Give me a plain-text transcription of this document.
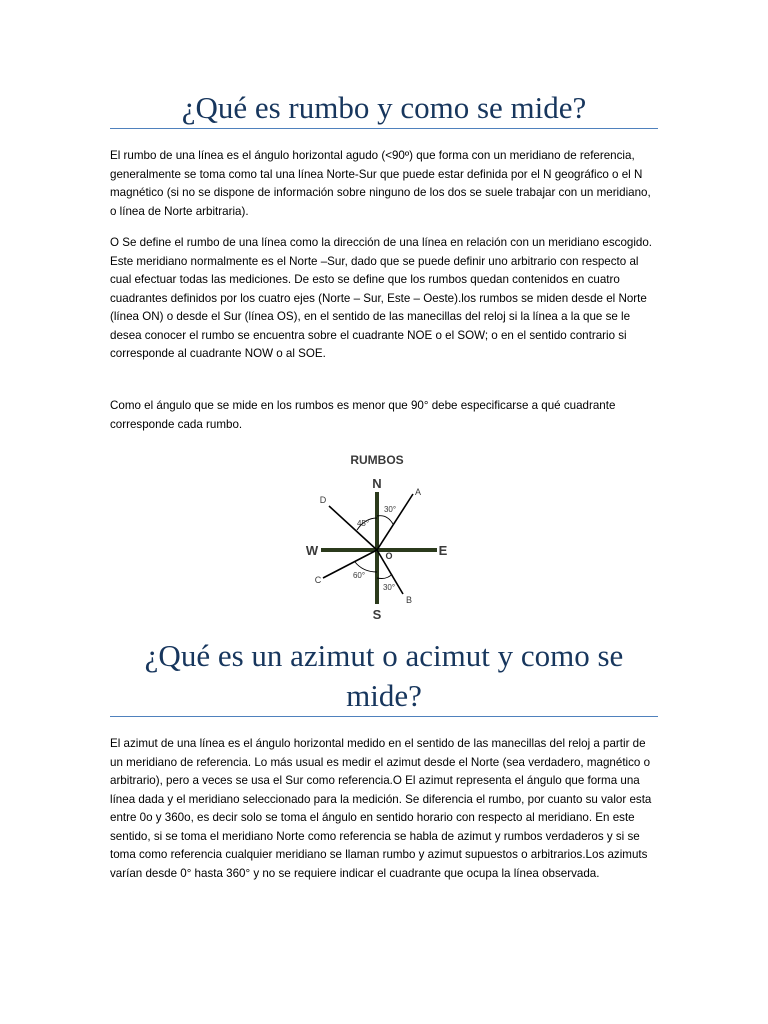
¿Qué es rumbo y como se mide?

El rumbo de una línea es el ángulo horizontal agudo (<90º) que forma con un meridiano de referencia, generalmente se toma como tal una línea Norte-Sur que puede estar definida por el N geográfico o el N magnético (si no se dispone de información sobre ninguno de los dos se suele trabajar con un meridiano, o línea de Norte arbitraria).

O Se define el rumbo de una línea como la dirección de una línea en relación con un meridiano escogido. Este meridiano normalmente es el Norte –Sur, dado que se puede definir uno arbitrario con respecto al cual efectuar todas las mediciones. De esto se define que los rumbos quedan contenidos en cuatro cuadrantes definidos por los cuatro ejes (Norte – Sur, Este – Oeste).los rumbos se miden desde el Norte (línea ON) o desde el Sur (línea OS), en el sentido de las manecillas del reloj si la línea a la que se le desea conocer el rumbo se encuentra sobre el cuadrante NOE o el SOW; o en el sentido contrario si corresponde al cuadrante NOW o al SOE.

Como el ángulo que se mide en los rumbos es menor que 90° debe especificarse a qué cuadrante corresponde cada rumbo.

RUMBOS
N
S
E
W	O
A
D
B
C
30°
45°
30°
60°
¿Qué es un azimut o acimut y como se mide?

El azimut de una línea es el ángulo horizontal medido en el sentido de las manecillas del reloj a partir de un meridiano de referencia. Lo más usual es medir el azimut desde el Norte (sea verdadero, magnético o arbitrario), pero a veces se usa el Sur como referencia.O El azimut representa el ángulo que forma una línea dada y el meridiano seleccionado para la medición. Se diferencia el rumbo, por cuanto su valor esta entre 0o y 360o, es decir solo se toma el ángulo en sentido horario con respecto al meridiano. En este sentido, si se toma el meridiano Norte como referencia se habla de azimut y rumbos verdaderos y si se toma como referencia cualquier meridiano se llaman rumbo y azimut supuestos o arbitrarios.Los azimuts varían desde 0° hasta 360° y no se requiere indicar el cuadrante que ocupa la línea observada.
